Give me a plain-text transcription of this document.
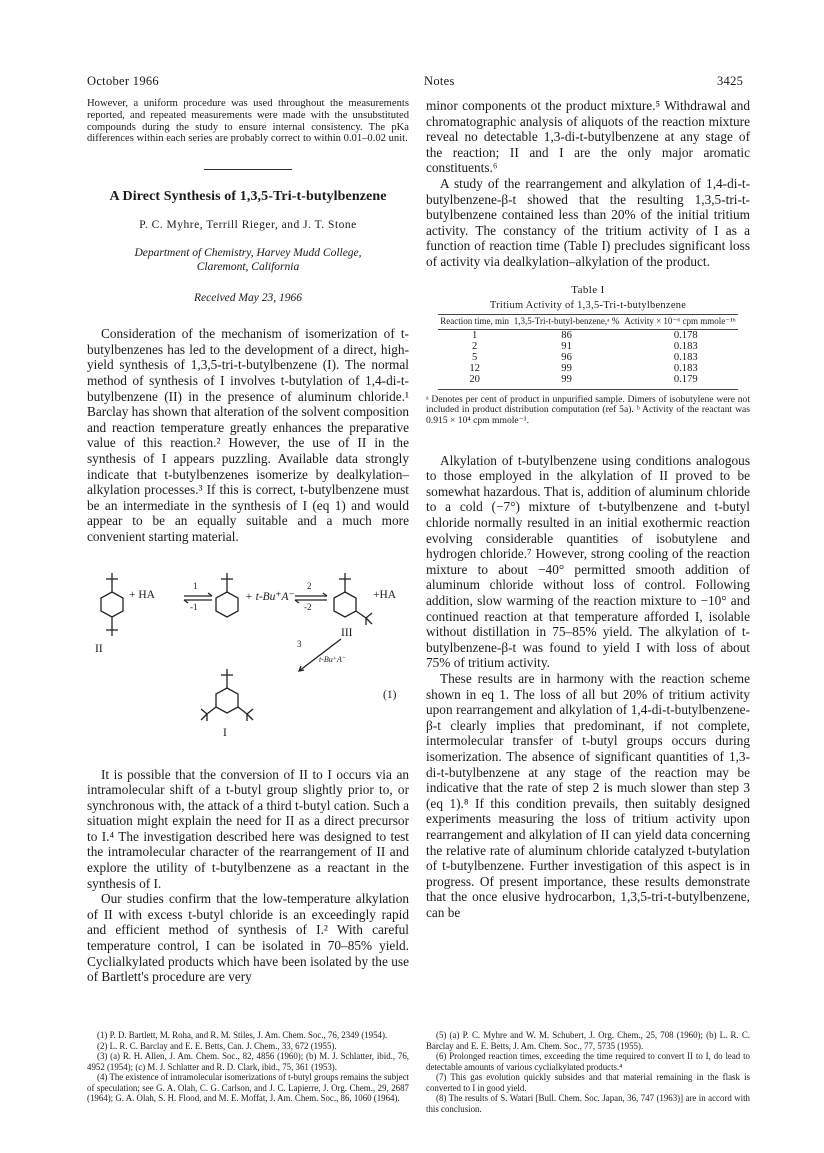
October 1966	Notes	3425

However, a uniform procedure was used throughout the measurements reported, and repeated measurements were made with the unsubstituted compounds during the study to ensure internal consistency. The pKa differences within each series are probably correct to within 0.01–0.02 unit.

A Direct Synthesis of 1,3,5-Tri-t-butylbenzene
P. C. Myhre, Terrill Rieger, and J. T. Stone
Department of Chemistry, Harvey Mudd College,
Claremont, California
Received May 23, 1966

Consideration of the mechanism of isomerization of t-butylbenzenes has led to the development of a direct, high-yield synthesis of 1,3,5-tri-t-butylbenzene (I). The normal method of synthesis of I involves t-butylation of 1,4-di-t-butylbenzene (II) in the presence of aluminum chloride.¹ Barclay has shown that alteration of the solvent composition and reaction temperature greatly enhances the preparative value of this reaction.² However, the use of II in the synthesis of I appears puzzling. Available data strongly indicate that t-butylbenzenes isomerize by dealkylation–alkylation processes.³ If this is correct, t-butylbenzene must be an intermediate in the synthesis of I (eq 1) and would appear to be an equally suitable and a much more convenient starting material.

+ HA
1
-1
+ t-Bu⁺A⁻
2
-2
+HA
III
II	3
t-Bu⁺A⁻
(1)
I

It is possible that the conversion of II to I occurs via an intramolecular shift of a t-butyl group slightly prior to, or synchronous with, the attack of a third t-butyl cation. Such a situation might explain the need for II as a direct precursor to I.⁴ The investigation described here was designed to test the intramolecular character of the rearrangement of II and explore the utility of t-butylbenzene as a reactant in the synthesis of I.

Our studies confirm that the low-temperature alkylation of II with excess t-butyl chloride is an exceedingly rapid and efficient method of synthesis of I.² With careful temperature control, I can be isolated in 70–85% yield. Cyclialkylated products which have been isolated by the use of Bartlett's procedure are very

minor components ot the product mixture.⁵ Withdrawal and chromatographic analysis of aliquots of the reaction mixture reveal no detectable 1,3-di-t-butylbenzene at any stage of the reaction; II and I are the only major aromatic constituents.⁶

A study of the rearrangement and alkylation of 1,4-di-t-butylbenzene-β-t showed that the resulting 1,3,5-tri-t-butylbenzene contained less than 20% of the initial tritium activity. The constancy of the tritium activity of I as a function of reaction time (Table I) precludes significant loss of activity via dealkylation–alkylation of the product.

Table I
Tritium Activity of 1,3,5-Tri-t-butylbenzene
Reaction time, min	1,3,5-Tri-t-butyl-benzene,ᵃ %	Activity × 10⁻⁶ cpm mmole⁻¹ᵇ
1	86	0.178
2	91	0.183
5	96	0.183
12	99	0.183
20	99	0.179

ᵃ Denotes per cent of product in unpurified sample. Dimers of isobutylene were not included in product distribution computation (ref 5a). ᵇ Activity of the reactant was 0.915 × 10⁴ cpm mmole⁻¹.

Alkylation of t-butylbenzene using conditions analogous to those employed in the alkylation of II proved to be somewhat hazardous. That is, addition of aluminum chloride to a cold (−7°) mixture of t-butylbenzene and t-butyl chloride normally resulted in an initial exothermic reaction evolving considerable quantities of isobutylene and hydrogen chloride.⁷ However, strong cooling of the reaction mixture to about −40° permitted smooth addition of aluminum chloride without loss of control. Following addition, slow warming of the reaction mixture to −10° and continued reaction at that temperature afforded I, isolable without distillation in 75–85% yield. The alkylation of t-butylbenzene-β-t was found to yield I with loss of about 75% of tritium activity.

These results are in harmony with the reaction scheme shown in eq 1. The loss of all but 20% of tritium activity upon rearrangement and alkylation of 1,4-di-t-butylbenzene-β-t clearly implies that predominant, if not complete, intermolecular transfer of t-butyl groups occurs during isomerization. The absence of significant quantities of 1,3-di-t-butylbenzene at any stage of the reaction may be indicative that the rate of step 2 is much slower than step 3 (eq 1).⁸ If this condition prevails, then suitably designed experiments measuring the loss of tritium activity upon rearrangement and alkylation of II can yield data concerning the relative rate of aluminum chloride catalyzed t-butylation of t-butylbenzene. Further investigation of this aspect is in progress. Of present importance, these results demonstrate that the once elusive hydrocarbon, 1,3,5-tri-t-butylbenzene, can be

(1) P. D. Bartlett, M. Roha, and R. M. Stiles, J. Am. Chem. Soc., 76, 2349 (1954).

(2) L. R. C. Barclay and E. E. Betts, Can. J. Chem., 33, 672 (1955).

(3) (a) R. H. Allen, J. Am. Chem. Soc., 82, 4856 (1960); (b) M. J. Schlatter, ibid., 76, 4952 (1954); (c) M. J. Schlatter and R. D. Clark, ibid., 75, 361 (1953).

(4) The existence of intramolecular isomerizations of t-butyl groups remains the subject of speculation; see G. A. Olah, C. G. Carlson, and J. C. Lapierre, J. Org. Chem., 29, 2687 (1964); G. A. Olah, S. H. Flood, and M. E. Moffat, J. Am. Chem. Soc., 86, 1060 (1964).

(5) (a) P. C. Myhre and W. M. Schubert, J. Org. Chem., 25, 708 (1960); (b) L. R. C. Barclay and E. E. Betts, J. Am. Chem. Soc., 77, 5735 (1955).

(6) Prolonged reaction times, exceeding the time required to convert II to I, do lead to detectable amounts of various cyclialkylated products.⁴

(7) This gas evolution quickly subsides and that material remaining in the flask is converted to I in good yield.

(8) The results of S. Watari [Bull. Chem. Soc. Japan, 36, 747 (1963)] are in accord with this conclusion.
